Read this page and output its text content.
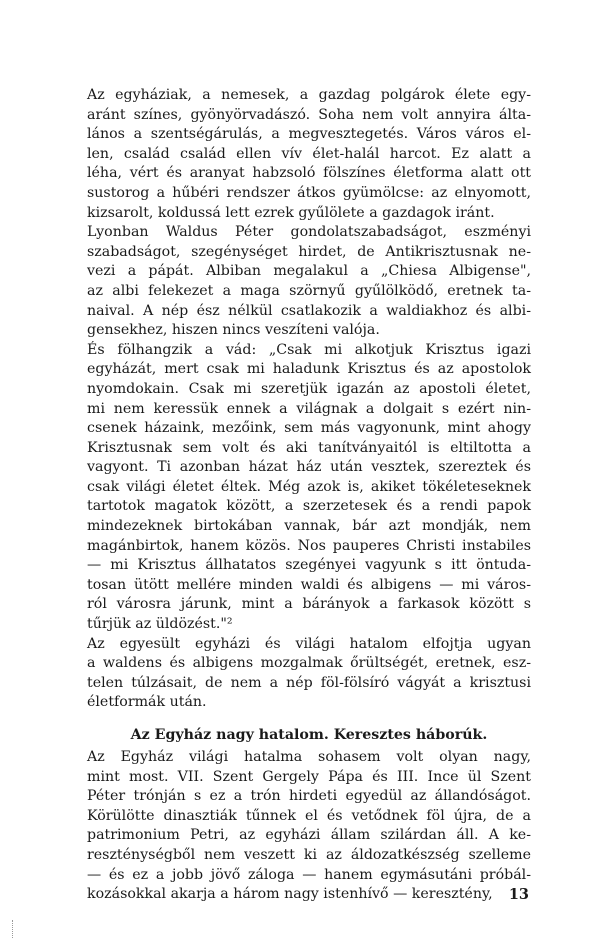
Az egyháziak, a nemesek, a gazdag polgárok élete egy-
aránt színes, gyönyörvadászó. Soha nem volt annyira álta-
lános a szentségárulás, a megvesztegetés. Város város el-
len, család család ellen vív élet-halál harcot. Ez alatt a
léha, vért és aranyat habzsoló fölszínes életforma alatt ott
sustorog a hűbéri rendszer átkos gyümölcse: az elnyomott,
kizsarolt, koldussá lett ezrek gyűlölete a gazdagok iránt.
Lyonban Waldus Péter gondolatszabadságot, eszményi
szabadságot, szegénységet hirdet, de Antikrisztusnak ne-
vezi a pápát. Albiban megalakul a „Chiesa Albigense",
az albi felekezet a maga szörnyű gyűlölködő, eretnek ta-
naival. A nép ész nélkül csatlakozik a waldiakhoz és albi-
gensekhez, hiszen nincs veszíteni valója.
És fölhangzik a vád: „Csak mi alkotjuk Krisztus igazi
egyházát, mert csak mi haladunk Krisztus és az apostolok
nyomdokain. Csak mi szeretjük igazán az apostoli életet,
mi nem keressük ennek a világnak a dolgait s ezért nin-
csenek házaink, mezőink, sem más vagyonunk, mint ahogy
Krisztusnak sem volt és aki tanítványaitól is eltiltotta a
vagyont. Ti azonban házat ház után vesztek, szereztek és
csak világi életet éltek. Még azok is, akiket tökéleteseknek
tartotok magatok között, a szerzetesek és a rendi papok
mindezeknek birtokában vannak, bár azt mondják, nem
magánbirtok, hanem közös. Nos pauperes Christi instabiles
— mi Krisztus állhatatos szegényei vagyunk s itt öntuda-
tosan ütött mellére minden waldi és albigens — mi város-
ról városra járunk, mint a bárányok a farkasok között s
tűrjük az üldözést."²
Az egyesült egyházi és világi hatalom elfojtja ugyan
a waldens és albigens mozgalmak őrültségét, eretnek, esz-
telen túlzásait, de nem a nép föl-fölsíró vágyát a krisztusi
életformák után.
Az Egyház nagy hatalom. Keresztes háborúk.
Az Egyház világi hatalma sohasem volt olyan nagy,
mint most. VII. Szent Gergely Pápa és III. Ince ül Szent
Péter trónján s ez a trón hirdeti egyedül az állandóságot.
Körülötte dinasztiák tűnnek el és vetődnek föl újra, de a
patrimonium Petri, az egyházi állam szilárdan áll. A ke-
reszténységből nem veszett ki az áldozatkészség szelleme
— és ez a jobb jövő záloga — hanem egymásutáni próbál-
kozásokkal akarja a három nagy istenhívő — keresztény,	13
